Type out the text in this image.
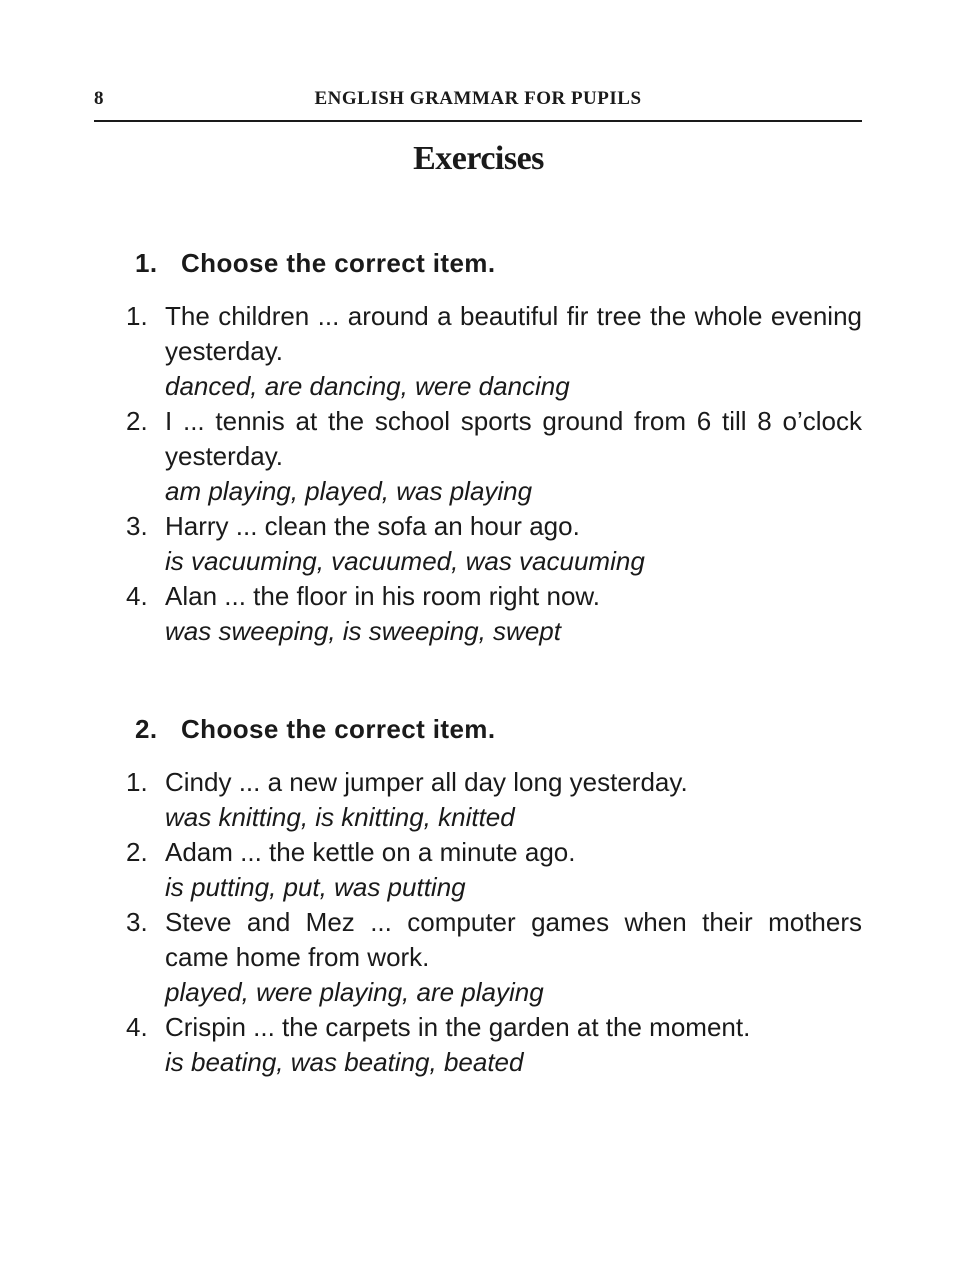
8	ENGLISH GRAMMAR FOR PUPILS
Exercises
1. Choose the correct item.
1. The children ... around a beautiful fir tree the whole evening yesterday.
danced, are dancing, were dancing
2. I ... tennis at the school sports ground from 6 till 8 o’clock yesterday.
am playing, played, was playing
3. Harry ... clean the sofa an hour ago.
is vacuuming, vacuumed, was vacuuming
4. Alan ... the floor in his room right now.
was sweeping, is sweeping, swept
2. Choose the correct item.
1. Cindy ... a new jumper all day long yesterday.
was knitting, is knitting, knitted
2. Adam ... the kettle on a minute ago.
is putting, put, was putting
3. Steve and Mez ... computer games when their mothers came home from work.
played, were playing, are playing
4. Crispin ... the carpets in the garden at the moment.
is beating, was beating, beated
